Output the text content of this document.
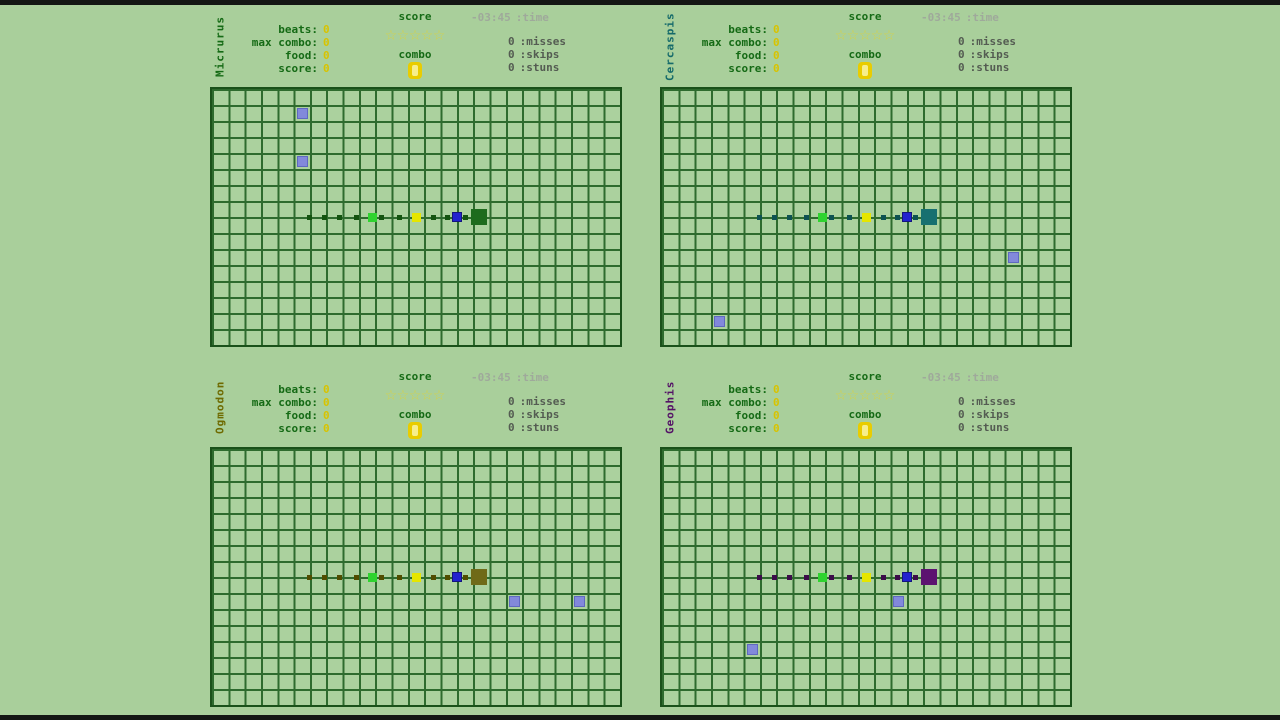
Micrurus	beats: 0
max combo: 0
food: 0
score: 0
score
☆☆☆☆☆
combo
-03:45 :time
0 :misses
0 :skips
0 :stuns	Cercaspis	beats: 0
max combo: 0
food: 0
score: 0
score
☆☆☆☆☆
combo
-03:45 :time
0 :misses
0 :skips
0 :stuns
Ogmodon	beats: 0
max combo: 0
food: 0
score: 0
score
☆☆☆☆☆
combo
-03:45 :time
0 :misses
0 :skips
0 :stuns	Geophis	beats: 0
max combo: 0
food: 0
score: 0
score
☆☆☆☆☆
combo
-03:45 :time
0 :misses
0 :skips
0 :stuns
